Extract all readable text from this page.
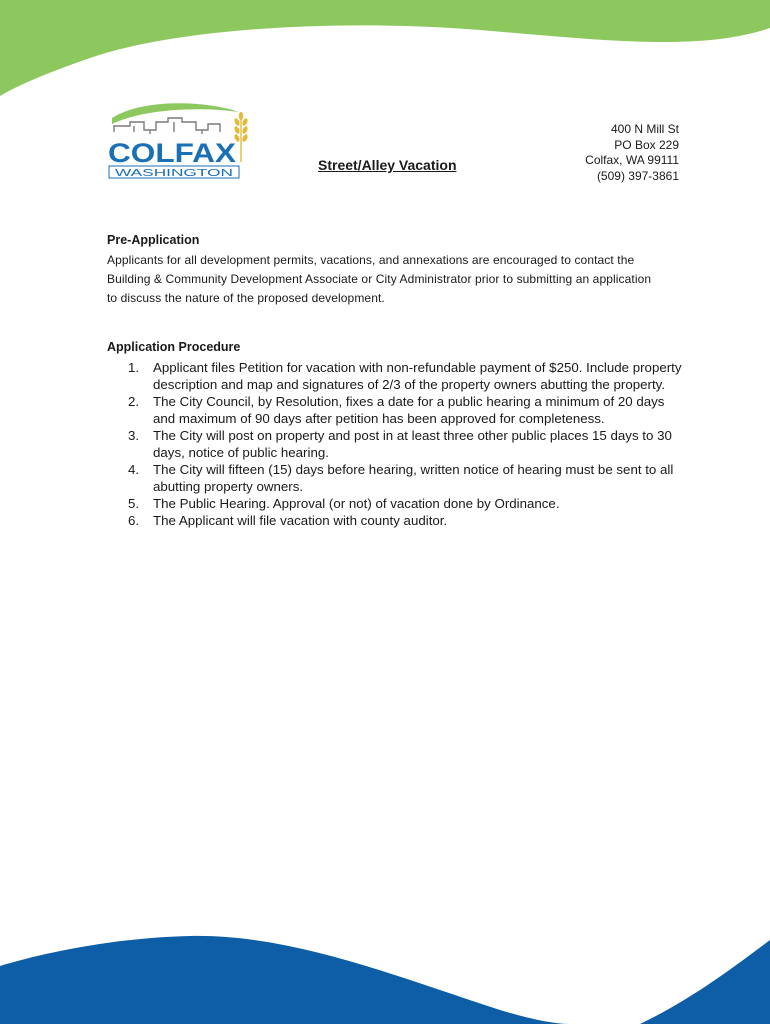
COLFAX
WASHINGTON
Street/Alley Vacation
400 N Mill St
PO Box 229
Colfax, WA 99111
(509) 397-3861
Pre-Application
Applicants for all development permits, vacations, and annexations are encouraged to contact the
Building & Community Development Associate or City Administrator prior to submitting an application
to discuss the nature of the proposed development.
Application Procedure
1. Applicant files Petition for vacation with non-refundable payment of $250. Include property description and map and signatures of 2/3 of the property owners abutting the property.
2. The City Council, by Resolution, fixes a date for a public hearing a minimum of 20 days and maximum of 90 days after petition has been approved for completeness.
3. The City will post on property and post in at least three other public places 15 days to 30 days, notice of public hearing.
4. The City will fifteen (15) days before hearing, written notice of hearing must be sent to all abutting property owners.
5. The Public Hearing. Approval (or not) of vacation done by Ordinance.
6. The Applicant will file vacation with county auditor.
